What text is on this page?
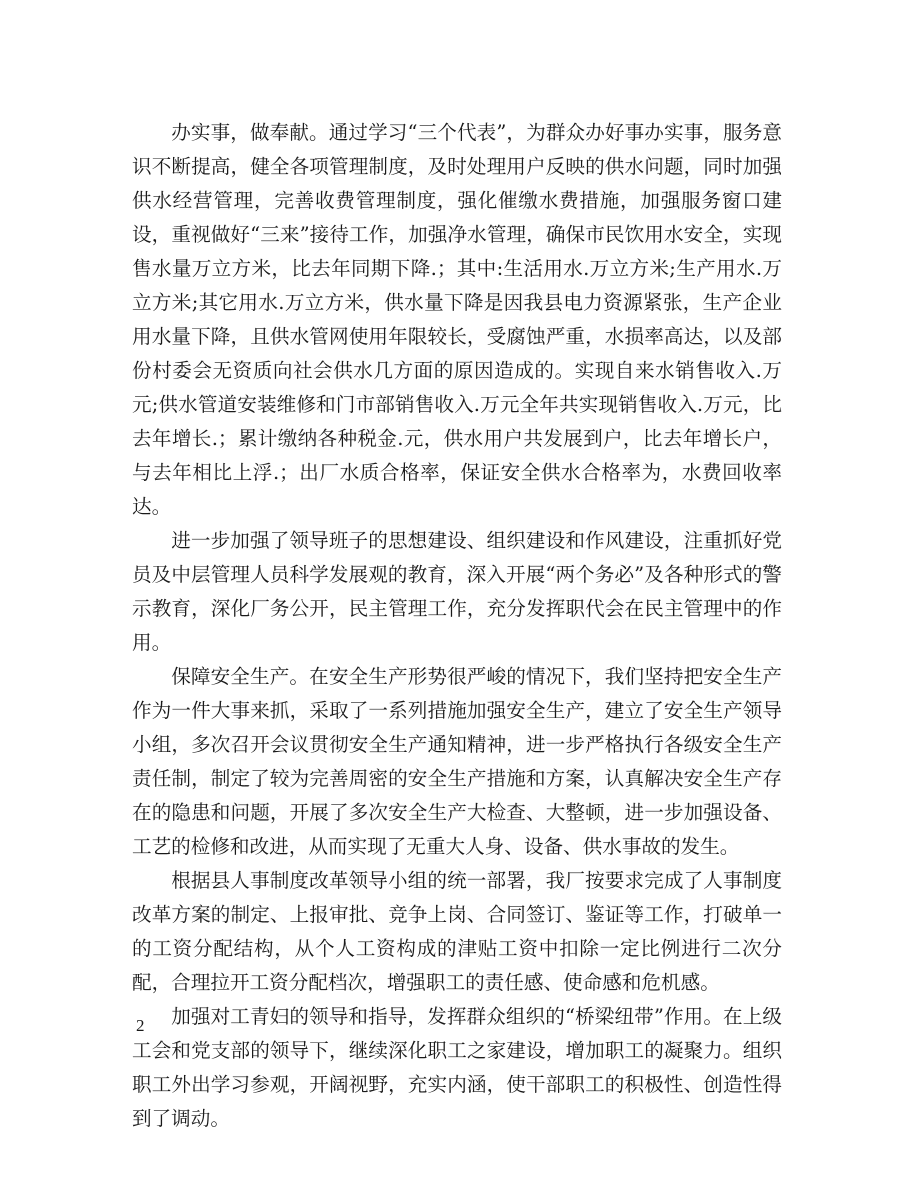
办实事，做奉献。通过学习“三个代表”，为群众办好事办实事，服务意识不断提高，健全各项管理制度，及时处理用户反映的供水问题，同时加强供水经营管理，完善收费管理制度，强化催缴水费措施，加强服务窗口建设，重视做好“三来”接待工作，加强净水管理，确保市民饮用水安全，实现售水量万立方米，比去年同期下降.；其中:生活用水.万立方米;生产用水.万立方米;其它用水.万立方米，供水量下降是因我县电力资源紧张，生产企业用水量下降，且供水管网使用年限较长，受腐蚀严重，水损率高达，以及部份村委会无资质向社会供水几方面的原因造成的。实现自来水销售收入.万元;供水管道安装维修和门市部销售收入.万元全年共实现销售收入.万元，比去年增长.；累计缴纳各种税金.元，供水用户共发展到户，比去年增长户，与去年相比上浮.；出厂水质合格率，保证安全供水合格率为，水费回收率达。

进一步加强了领导班子的思想建设、组织建设和作风建设，注重抓好党员及中层管理人员科学发展观的教育，深入开展“两个务必”及各种形式的警示教育，深化厂务公开，民主管理工作，充分发挥职代会在民主管理中的作用。

保障安全生产。在安全生产形势很严峻的情况下，我们坚持把安全生产作为一件大事来抓，采取了一系列措施加强安全生产，建立了安全生产领导小组，多次召开会议贯彻安全生产通知精神，进一步严格执行各级安全生产责任制，制定了较为完善周密的安全生产措施和方案，认真解决安全生产存在的隐患和问题，开展了多次安全生产大检查、大整顿，进一步加强设备、工艺的检修和改进，从而实现了无重大人身、设备、供水事故的发生。

根据县人事制度改革领导小组的统一部署，我厂按要求完成了人事制度改革方案的制定、上报审批、竞争上岗、合同签订、鉴证等工作，打破单一的工资分配结构，从个人工资构成的津贴工资中扣除一定比例进行二次分配，合理拉开工资分配档次，增强职工的责任感、使命感和危机感。

加强对工青妇的领导和指导，发挥群众组织的“桥梁纽带”作用。在上级工会和党支部的领导下，继续深化职工之家建设，增加职工的凝聚力。组织职工外出学习参观，开阔视野，充实内涵，使干部职工的积极性、创造性得到了调动。

2
